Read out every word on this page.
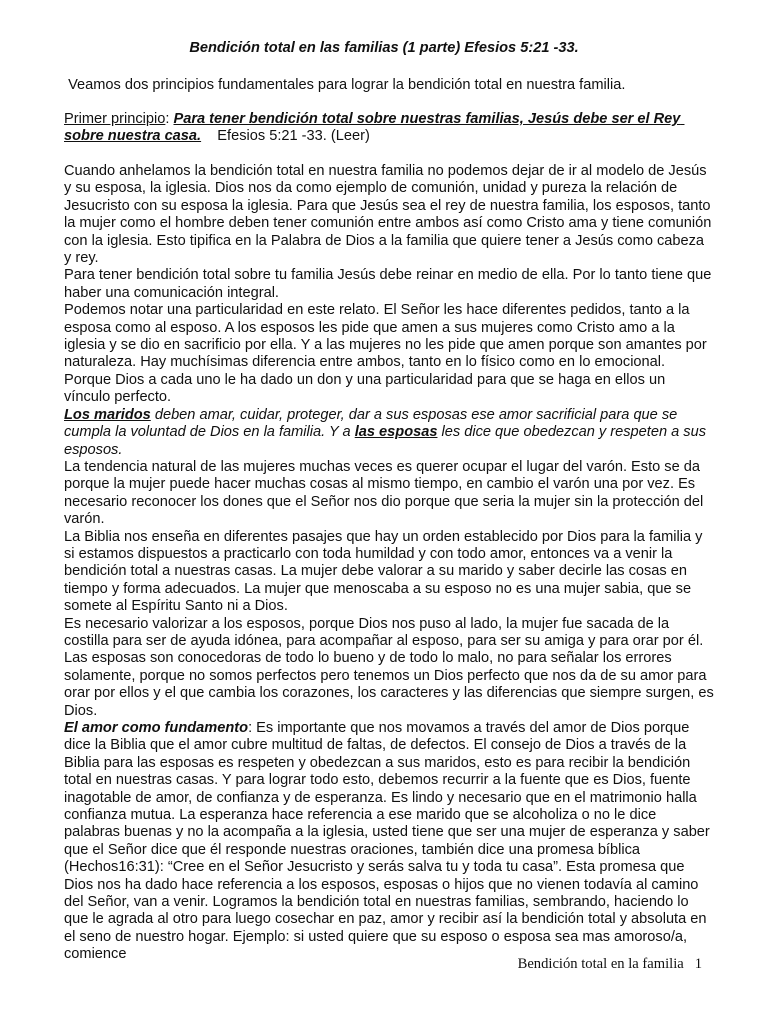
Bendición total en las familias (1 parte) Efesios 5:21 -33.
Veamos dos principios fundamentales para lograr la bendición total en nuestra familia.
Primer principio: Para tener bendición total sobre nuestras familias, Jesús debe ser el Rey sobre nuestra casa.    Efesios 5:21 -33. (Leer)

Cuando anhelamos la bendición total en nuestra familia no podemos dejar de ir al modelo de Jesús y su esposa, la iglesia. Dios nos da como ejemplo de comunión, unidad y pureza la relación de Jesucristo con su esposa la iglesia. Para que Jesús sea el rey de nuestra familia, los esposos, tanto la mujer como el hombre deben tener comunión entre ambos así como Cristo ama y tiene comunión con la iglesia. Esto tipifica en la Palabra de Dios a la familia que quiere tener a Jesús como cabeza y rey.

Para tener bendición total sobre tu familia Jesús debe reinar en medio de ella. Por lo tanto tiene que haber una comunicación integral.

Podemos notar una particularidad en este relato. El Señor les hace diferentes pedidos, tanto a la esposa como al esposo. A los esposos les pide que amen a sus mujeres como Cristo amo a la iglesia y se dio en sacrificio por ella. Y a las mujeres no les pide que amen porque son amantes por naturaleza. Hay muchísimas diferencia entre ambos, tanto en lo físico como en lo emocional. Porque Dios a cada uno le ha dado un don y una particularidad para que se haga en ellos un vínculo perfecto.

Los maridos deben amar, cuidar, proteger, dar a sus esposas ese amor sacrificial para que se cumpla la voluntad de Dios en la familia. Y a las esposas les dice que obedezcan y respeten a sus esposos.

La tendencia natural de las mujeres muchas veces es querer ocupar el lugar del varón. Esto se da porque la mujer puede hacer muchas cosas al mismo tiempo, en cambio el varón una por vez. Es necesario reconocer los dones que el Señor nos dio porque que seria la mujer sin la protección del varón.

La Biblia nos enseña en diferentes pasajes que hay un orden establecido por Dios para la familia y si estamos dispuestos a practicarlo con toda humildad y con todo amor, entonces va a venir la bendición total a nuestras casas. La mujer debe valorar a su marido y saber decirle las cosas en tiempo y forma adecuados. La mujer que menoscaba a su esposo no es una mujer sabia, que se somete al Espíritu Santo ni a Dios.

Es necesario valorizar a los esposos, porque Dios nos puso al lado, la mujer fue sacada de la costilla para ser de ayuda idónea, para acompañar al esposo, para ser su amiga y para orar por él. Las esposas son conocedoras de todo lo bueno y de todo lo malo, no para señalar los errores solamente, porque no somos perfectos pero tenemos un Dios perfecto que nos da de su amor para orar por ellos y el que cambia los corazones, los caracteres y las diferencias que siempre surgen, es Dios.

El amor como fundamento: Es importante que nos movamos a través del amor de Dios porque dice la Biblia que el amor cubre multitud de faltas, de defectos. El consejo de Dios a través de la Biblia para las esposas es respeten y obedezcan a sus maridos, esto es para recibir la bendición total en nuestras casas. Y para lograr todo esto, debemos recurrir a la fuente que es Dios, fuente inagotable de amor, de confianza y de esperanza. Es lindo y necesario que en el matrimonio halla confianza mutua. La esperanza hace referencia a ese marido que se alcoholiza o no le dice palabras buenas y no la acompaña a la iglesia, usted tiene que ser una mujer de esperanza y saber que el Señor dice que él responde nuestras oraciones, también dice una promesa bíblica (Hechos16:31): “Cree en el Señor Jesucristo y serás salva tu y toda tu casa”. Esta promesa que Dios nos ha dado hace referencia a los esposos, esposas o hijos que no vienen todavía al camino del Señor, van a venir. Logramos la bendición total en nuestras familias, sembrando, haciendo lo que le agrada al otro para luego cosechar en paz, amor y recibir así la bendición total y absoluta en el seno de nuestro hogar. Ejemplo: si usted quiere que su esposo o esposa sea mas amoroso/a, comience

Bendición total en la familia   1
